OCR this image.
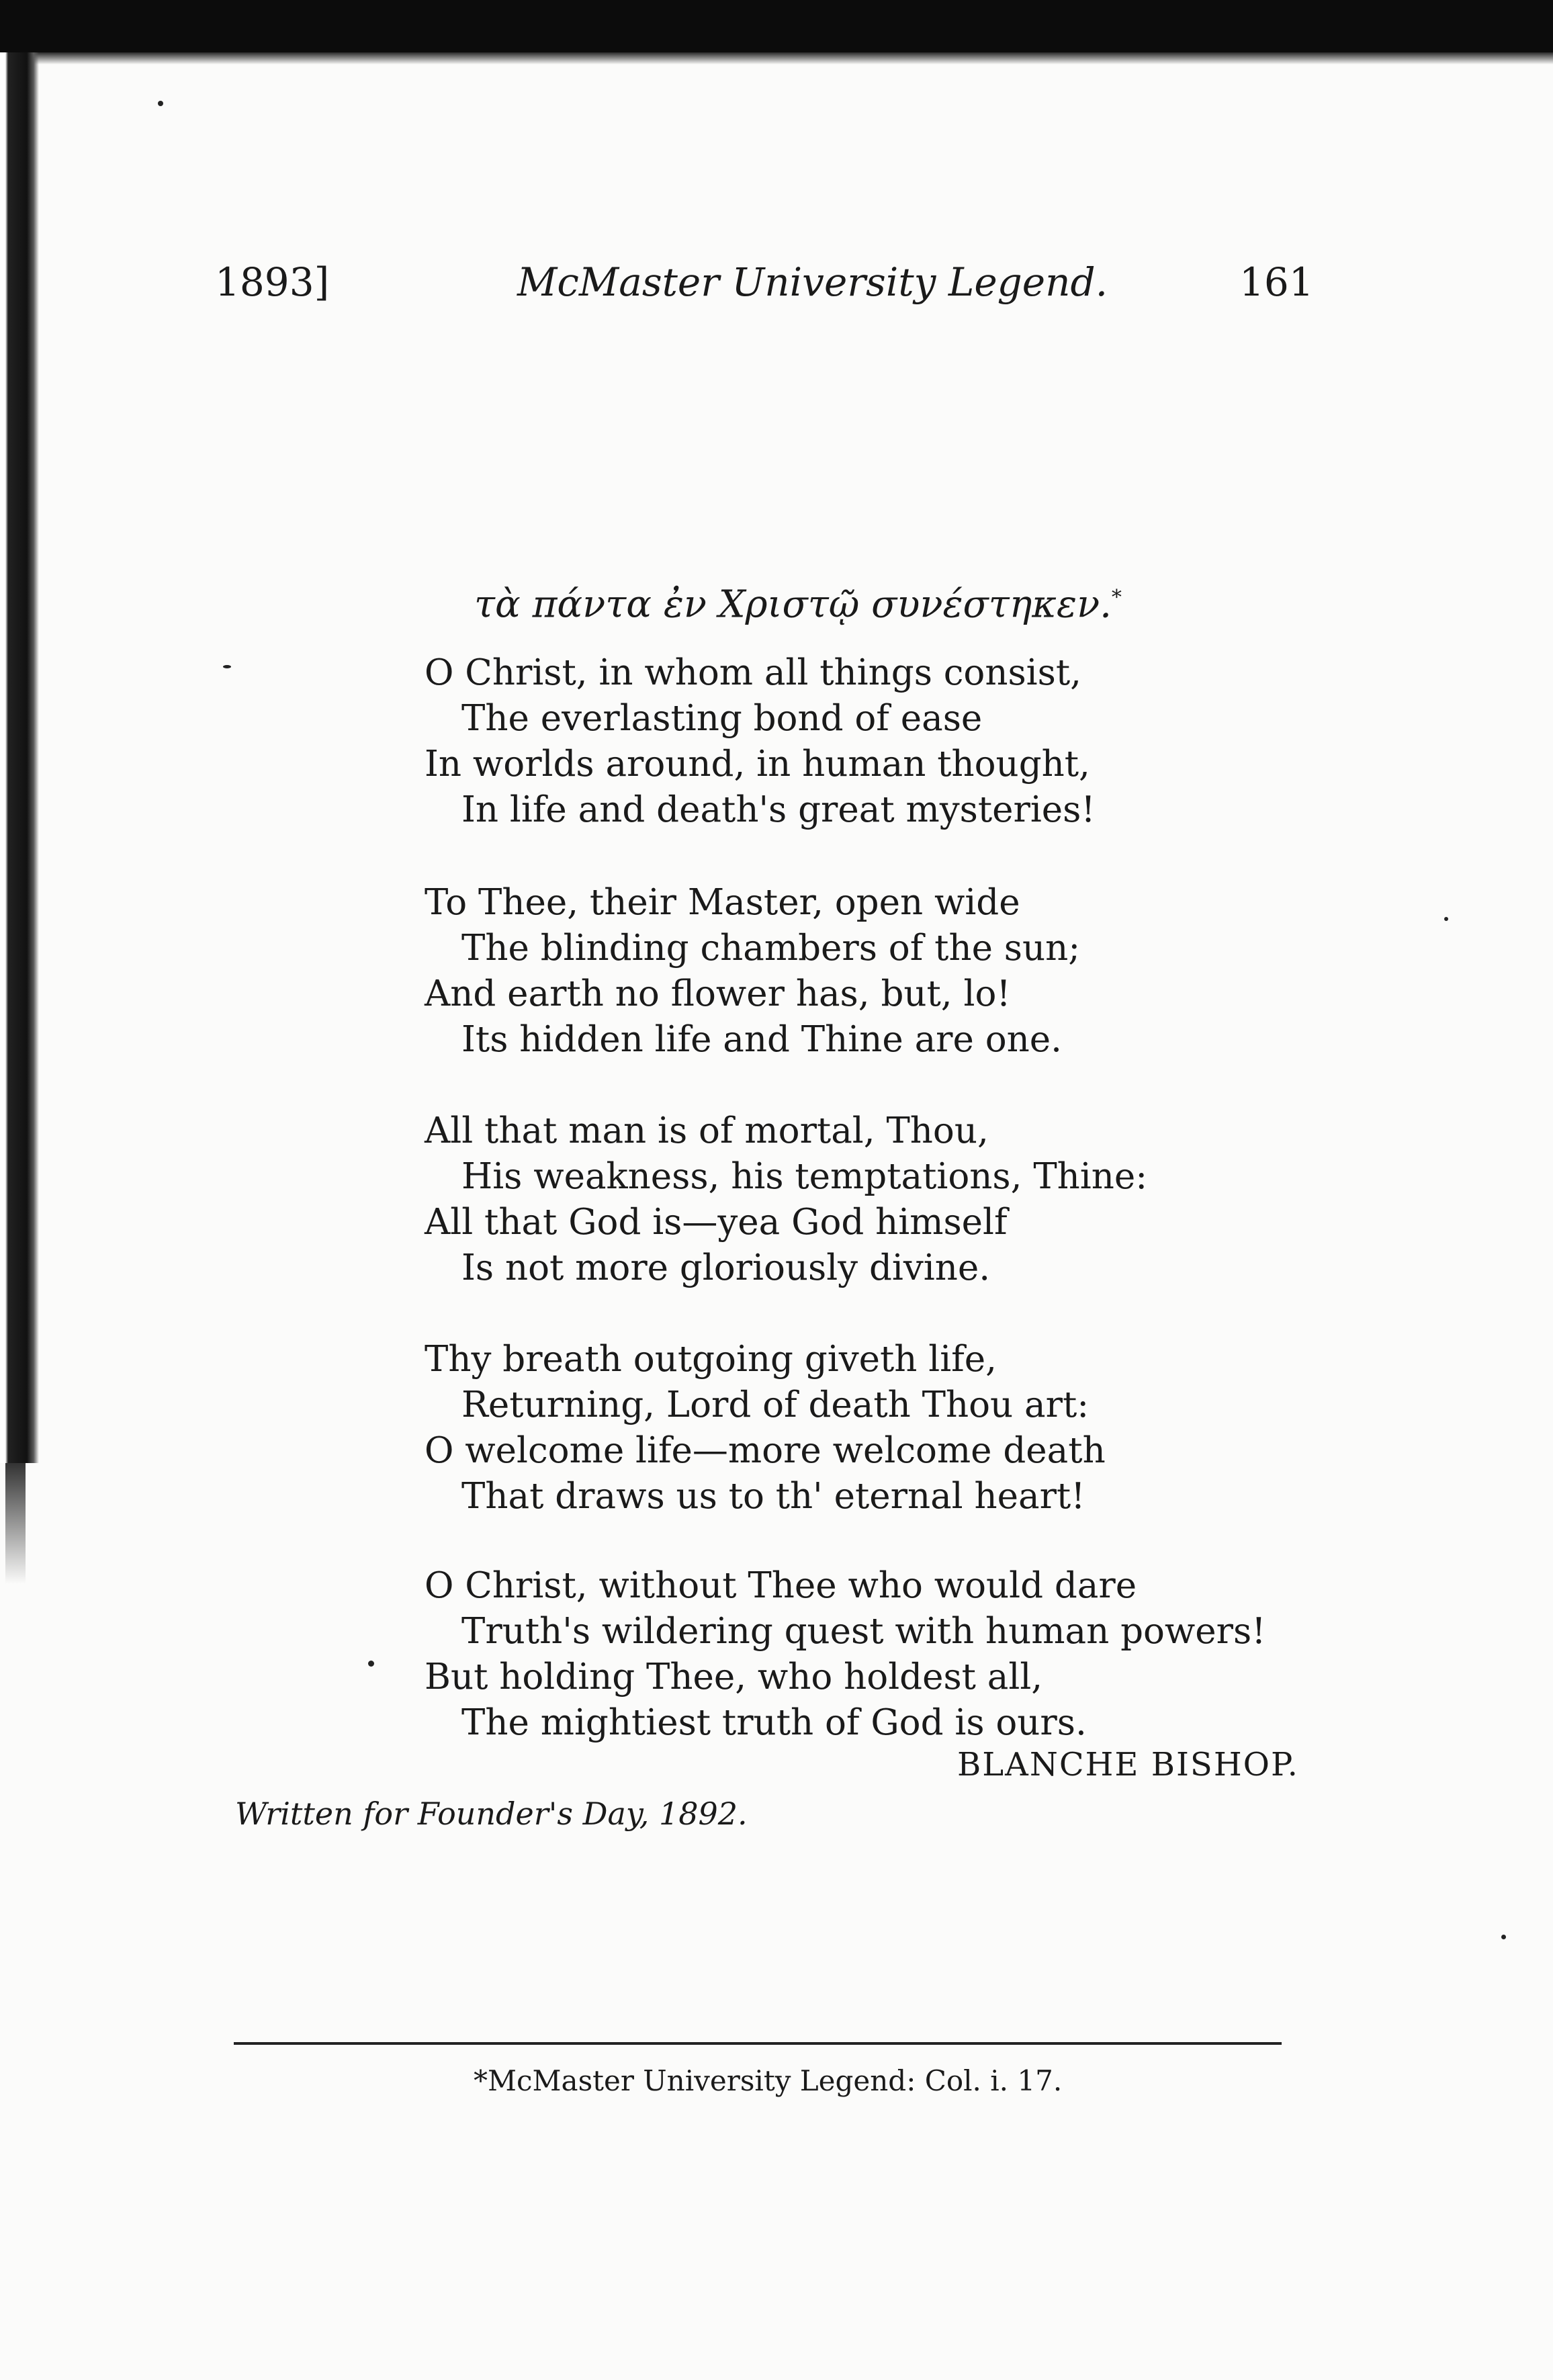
1893]	McMaster University Legend.	161
τὰ πάντα ἐν Χριστῷ συνέστηκεν.*
O Christ, in whom all things consist,
The everlasting bond of ease
In worlds around, in human thought,
In life and death's great mysteries!
To Thee, their Master, open wide
The blinding chambers of the sun;
And earth no flower has, but, lo!
Its hidden life and Thine are one.
All that man is of mortal, Thou,
His weakness, his temptations, Thine:
All that God is—yea God himself
Is not more gloriously divine.
Thy breath outgoing giveth life,
Returning, Lord of death Thou art:
O welcome life—more welcome death
That draws us to th' eternal heart!
O Christ, without Thee who would dare
Truth's wildering quest with human powers!
But holding Thee, who holdest all,
The mightiest truth of God is ours.
BLANCHE BISHOP.
Written for Founder's Day, 1892.
*McMaster University Legend: Col. i. 17.
